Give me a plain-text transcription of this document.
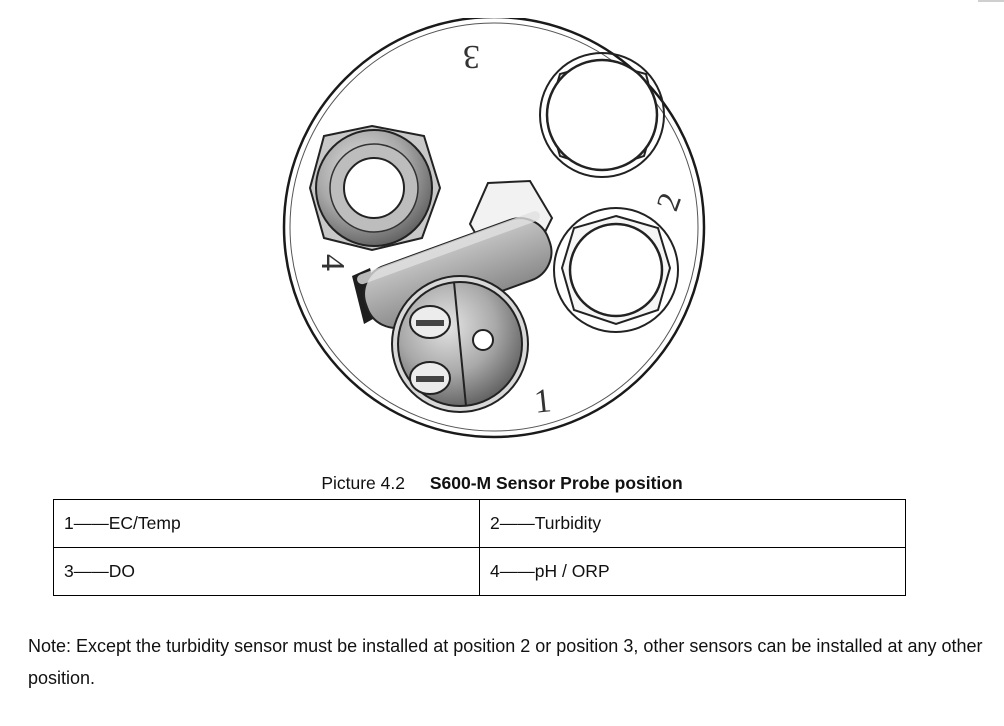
1
2
3
4
Picture 4.2 S600-M Sensor Probe position
1——EC/Temp	2——Turbidity
3——DO	4——pH / ORP

Note: Except the turbidity sensor must be installed at position 2 or position 3, other sensors can be installed at any other position.
